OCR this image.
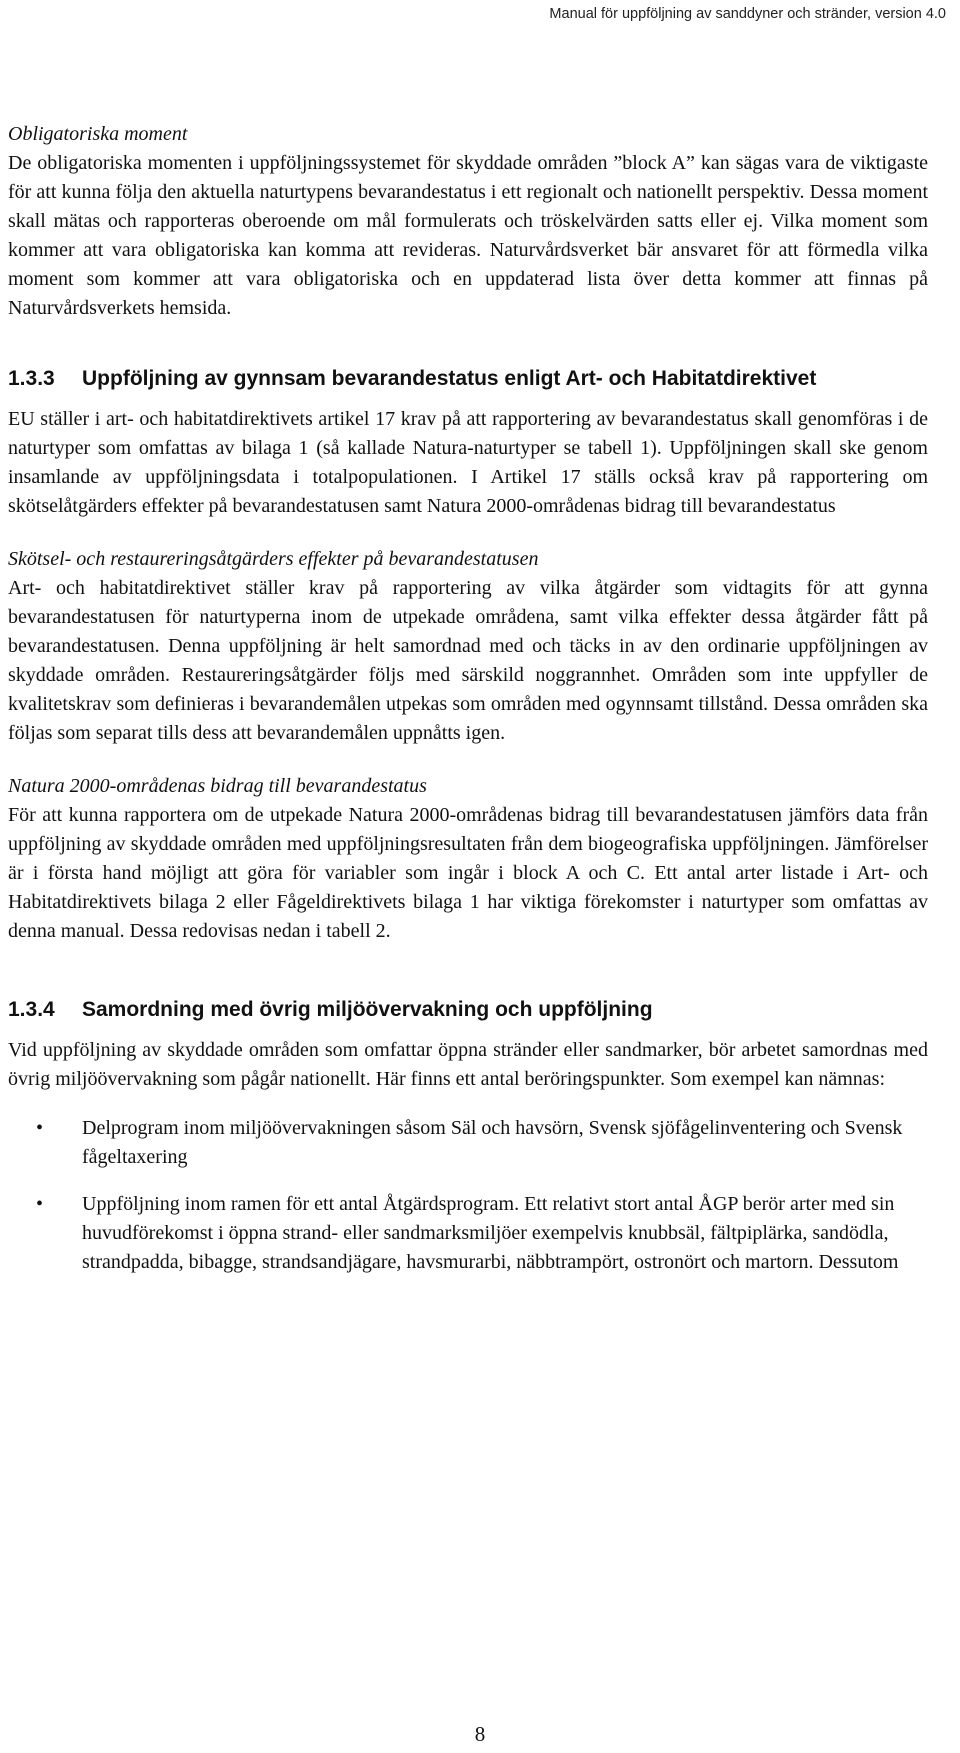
Manual för uppföljning av sanddyner och stränder, version 4.0

Obligatoriska moment

De obligatoriska momenten i uppföljningssystemet för skyddade områden ”block A” kan sägas vara de viktigaste för att kunna följa den aktuella naturtypens bevarandestatus i ett regionalt och nationellt perspektiv. Dessa moment skall mätas och rapporteras oberoende om mål formulerats och tröskelvärden satts eller ej. Vilka moment som kommer att vara obligatoriska kan komma att revideras. Naturvårdsverket bär ansvaret för att förmedla vilka moment som kommer att vara obligatoriska och en uppdaterad lista över detta kommer att finnas på Naturvårdsverkets hemsida.

1.3.3	Uppföljning av gynnsam bevarandestatus enligt Art- och Habitatdirektivet

EU ställer i art- och habitatdirektivets artikel 17 krav på att rapportering av bevarandestatus skall genomföras i de naturtyper som omfattas av bilaga 1 (så kallade Natura-naturtyper se tabell 1). Uppföljningen skall ske genom insamlande av uppföljningsdata i totalpopulationen. I Artikel 17 ställs också krav på rapportering om skötselåtgärders effekter på bevarandestatusen samt Natura 2000-områdenas bidrag till bevarandestatus

Skötsel- och restaureringsåtgärders effekter på bevarandestatusen

Art- och habitatdirektivet ställer krav på rapportering av vilka åtgärder som vidtagits för att gynna bevarandestatusen för naturtyperna inom de utpekade områdena, samt vilka effekter dessa åtgärder fått på bevarandestatusen. Denna uppföljning är helt samordnad med och täcks in av den ordinarie uppföljningen av skyddade områden. Restaureringsåtgärder följs med särskild noggrannhet. Områden som inte uppfyller de kvalitetskrav som definieras i bevarandemålen utpekas som områden med ogynnsamt tillstånd. Dessa områden ska följas som separat tills dess att bevarandemålen uppnåtts igen.

Natura 2000-områdenas bidrag till bevarandestatus

För att kunna rapportera om de utpekade Natura 2000-områdenas bidrag till bevarandestatusen jämförs data från uppföljning av skyddade områden med uppföljningsresultaten från dem biogeografiska uppföljningen. Jämförelser är i första hand möjligt att göra för variabler som ingår i block A och C. Ett antal arter listade i Art- och Habitatdirektivets bilaga 2 eller Fågeldirektivets bilaga 1 har viktiga förekomster i naturtyper som omfattas av denna manual. Dessa redovisas nedan i tabell 2.

1.3.4	Samordning med övrig miljöövervakning och uppföljning

Vid uppföljning av skyddade områden som omfattar öppna stränder eller sandmarker, bör arbetet samordnas med övrig miljöövervakning som pågår nationellt. Här finns ett antal beröringspunkter. Som exempel kan nämnas:

• Delprogram inom miljöövervakningen såsom Säl och havsörn, Svensk sjöfågelinventering och Svensk fågeltaxering
• Uppföljning inom ramen för ett antal Åtgärdsprogram. Ett relativt stort antal ÅGP berör arter med sin huvudförekomst i öppna strand- eller sandmarksmiljöer exempelvis knubbsäl, fältpiplärka, sandödla, strandpadda, bibagge, strandsandjägare, havsmurarbi, näbbtrampört, ostronört och martorn. Dessutom
8
